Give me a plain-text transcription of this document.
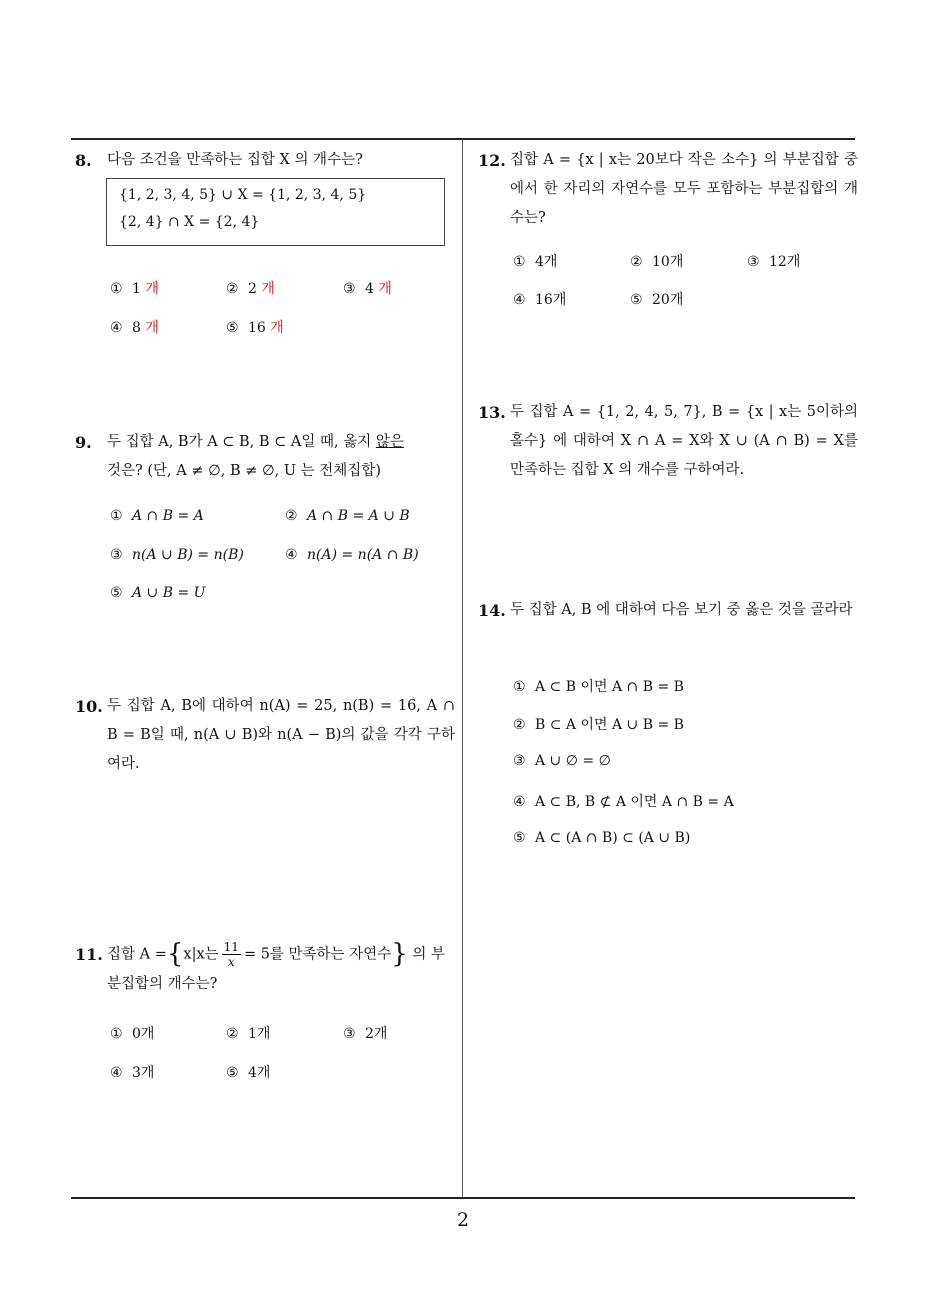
8. 다음 조건을 만족하는 집합 X 의 개수는?
{1, 2, 3, 4, 5} ∪ X = {1, 2, 3, 4, 5}
{2, 4} ∩ X = {2, 4}
① 1 개	② 2 개	③ 4 개
④ 8 개	⑤ 16 개
9. 두 집합 A, B가 A ⊂ B, B ⊂ A일 때, 옳지 않은
것은? (단, A ≠ ∅, B ≠ ∅, U 는 전체집합)
① A ∩ B = A	② A ∩ B = A ∪ B
③ n(A ∪ B) = n(B)	④ n(A) = n(A ∩ B)
⑤ A ∪ B = U
10. 두 집합 A, B에 대하여 n(A) = 25, n(B) = 16, A ∩ B = B일 때, n(A ∪ B)와 n(A − B)의 값을 각각 구하여라.
11. 집합 A ={x|x는 $\frac{11}{x} = 5$를 만족하는 자연수} 의 부
분집합의 개수는?
① 0개	② 1개	③ 2개
④ 3개	⑤ 4개
12. 집합 A = {x | x는 20보다 작은 소수} 의 부분집합 중에서 한 자리의 자연수를 모두 포함하는 부분집합의 개수는?
① 4개	② 10개	③ 12개
④ 16개	⑤ 20개
13. 두 집합 A = {1, 2, 4, 5, 7}, B = {x | x는 5이하의 홀수} 에 대하여 X ∩ A = X와 X ∪ (A ∩ B) = X를 만족하는 집합 X 의 개수를 구하여라.
14. 두 집합 A, B 에 대하여 다음 보기 중 옳은 것을 골라라
① A ⊂ B 이면 A ∩ B = B
② B ⊂ A 이면 A ∪ B = B
③ A ∪ ∅ = ∅
④ A ⊂ B, B ⊄ A 이면 A ∩ B = A
⑤ A ⊂ (A ∩ B) ⊂ (A ∪ B)
2
